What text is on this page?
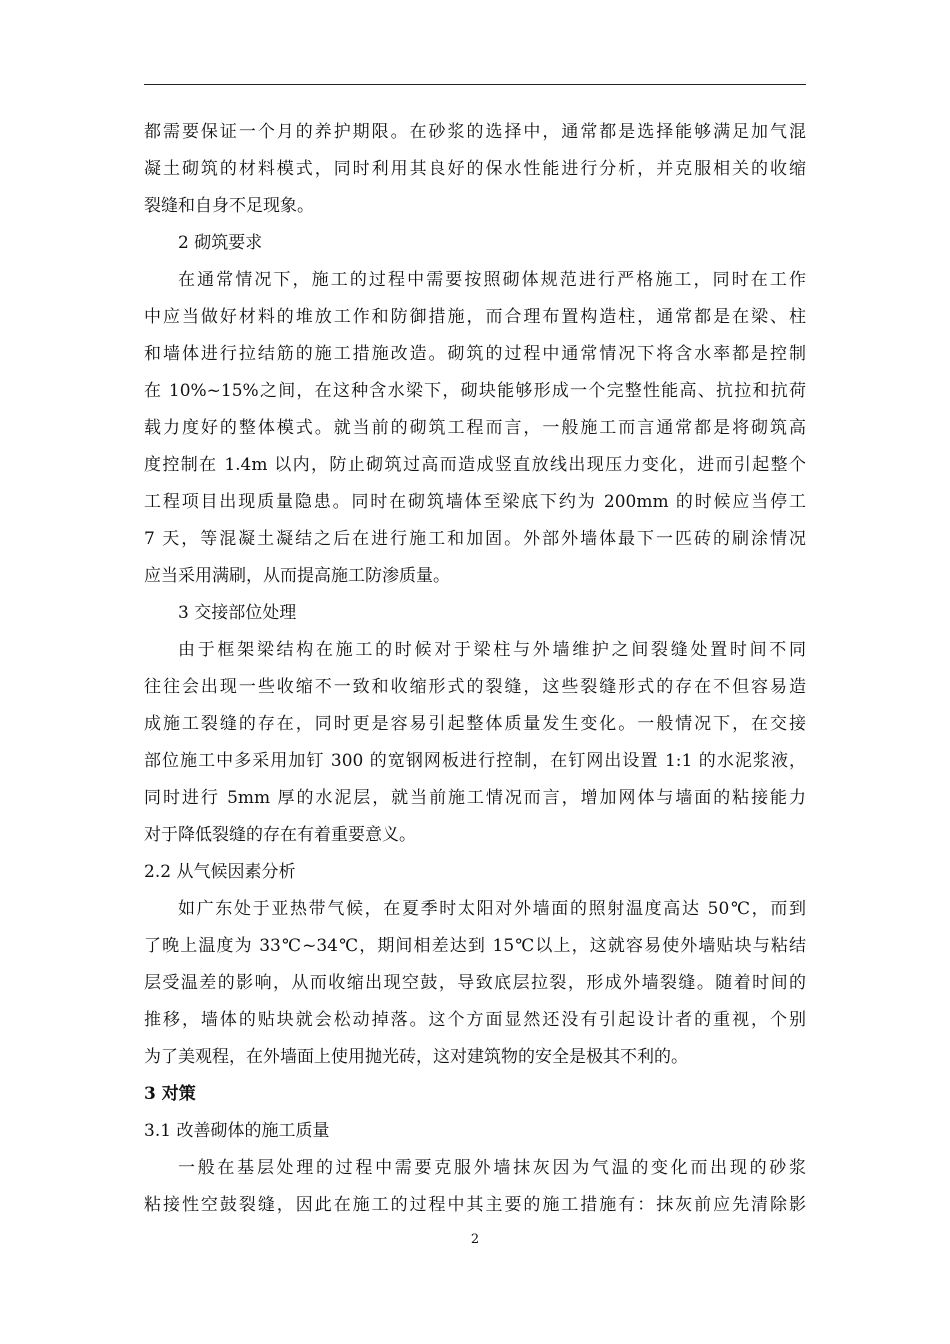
都需要保证一个月的养护期限。在砂浆的选择中，通常都是选择能够满足加气混
凝土砌筑的材料模式，同时利用其良好的保水性能进行分析，并克服相关的收缩
裂缝和自身不足现象。
2 砌筑要求
在通常情况下，施工的过程中需要按照砌体规范进行严格施工，同时在工作
中应当做好材料的堆放工作和防御措施，而合理布置构造柱，通常都是在梁、柱
和墙体进行拉结筋的施工措施改造。砌筑的过程中通常情况下将含水率都是控制
在 10%~15%之间，在这种含水梁下，砌块能够形成一个完整性能高、抗拉和抗荷
载力度好的整体模式。就当前的砌筑工程而言，一般施工而言通常都是将砌筑高
度控制在 1.4m 以内，防止砌筑过高而造成竖直放线出现压力变化，进而引起整个
工程项目出现质量隐患。同时在砌筑墙体至梁底下约为 200mm 的时候应当停工
7 天，等混凝土凝结之后在进行施工和加固。外部外墙体最下一匹砖的刷涂情况
应当采用满刷，从而提高施工防渗质量。
3 交接部位处理
由于框架梁结构在施工的时候对于梁柱与外墙维护之间裂缝处置时间不同
往往会出现一些收缩不一致和收缩形式的裂缝，这些裂缝形式的存在不但容易造
成施工裂缝的存在，同时更是容易引起整体质量发生变化。一般情况下，在交接
部位施工中多采用加钉 300 的宽钢网板进行控制，在钉网出设置 1:1 的水泥浆液，
同时进行 5mm 厚的水泥层，就当前施工情况而言，增加网体与墙面的粘接能力
对于降低裂缝的存在有着重要意义。
2.2 从气候因素分析
如广东处于亚热带气候，在夏季时太阳对外墙面的照射温度高达 50℃，而到
了晚上温度为 33℃~34℃，期间相差达到 15℃以上，这就容易使外墙贴块与粘结
层受温差的影响，从而收缩出现空鼓，导致底层拉裂，形成外墙裂缝。随着时间的
推移，墙体的贴块就会松动掉落。这个方面显然还没有引起设计者的重视，个别
为了美观程，在外墙面上使用抛光砖，这对建筑物的安全是极其不利的。
3 对策
3.1 改善砌体的施工质量
一般在基层处理的过程中需要克服外墙抹灰因为气温的变化而出现的砂浆
粘接性空鼓裂缝，因此在施工的过程中其主要的施工措施有：抹灰前应先清除影
2
